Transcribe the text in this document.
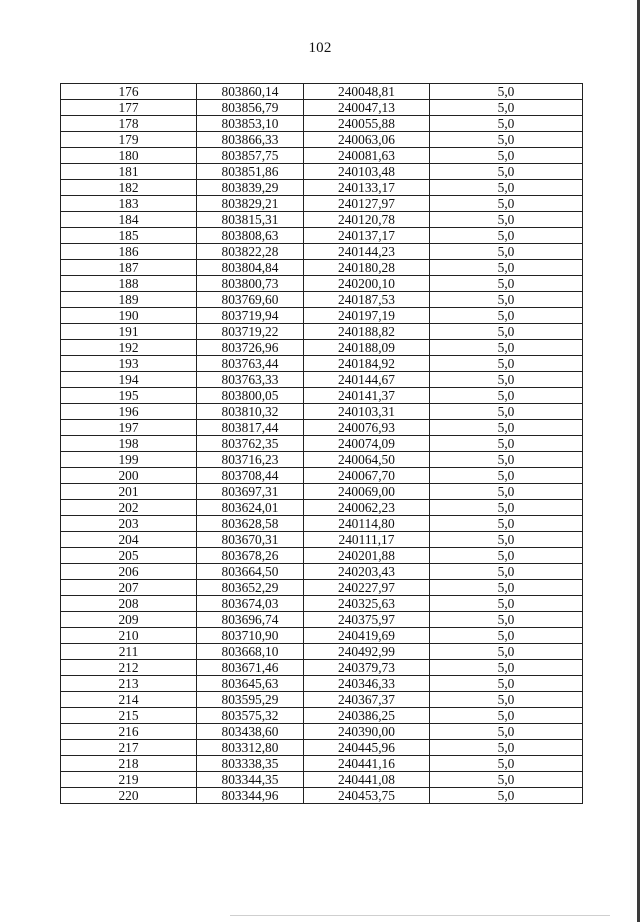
102
176	803860,14	240048,81	5,0
177	803856,79	240047,13	5,0
178	803853,10	240055,88	5,0
179	803866,33	240063,06	5,0
180	803857,75	240081,63	5,0
181	803851,86	240103,48	5,0
182	803839,29	240133,17	5,0
183	803829,21	240127,97	5,0
184	803815,31	240120,78	5,0
185	803808,63	240137,17	5,0
186	803822,28	240144,23	5,0
187	803804,84	240180,28	5,0
188	803800,73	240200,10	5,0
189	803769,60	240187,53	5,0
190	803719,94	240197,19	5,0
191	803719,22	240188,82	5,0
192	803726,96	240188,09	5,0
193	803763,44	240184,92	5,0
194	803763,33	240144,67	5,0
195	803800,05	240141,37	5,0
196	803810,32	240103,31	5,0
197	803817,44	240076,93	5,0
198	803762,35	240074,09	5,0
199	803716,23	240064,50	5,0
200	803708,44	240067,70	5,0
201	803697,31	240069,00	5,0
202	803624,01	240062,23	5,0
203	803628,58	240114,80	5,0
204	803670,31	240111,17	5,0
205	803678,26	240201,88	5,0
206	803664,50	240203,43	5,0
207	803652,29	240227,97	5,0
208	803674,03	240325,63	5,0
209	803696,74	240375,97	5,0
210	803710,90	240419,69	5,0
211	803668,10	240492,99	5,0
212	803671,46	240379,73	5,0
213	803645,63	240346,33	5,0
214	803595,29	240367,37	5,0
215	803575,32	240386,25	5,0
216	803438,60	240390,00	5,0
217	803312,80	240445,96	5,0
218	803338,35	240441,16	5,0
219	803344,35	240441,08	5,0
220	803344,96	240453,75	5,0
